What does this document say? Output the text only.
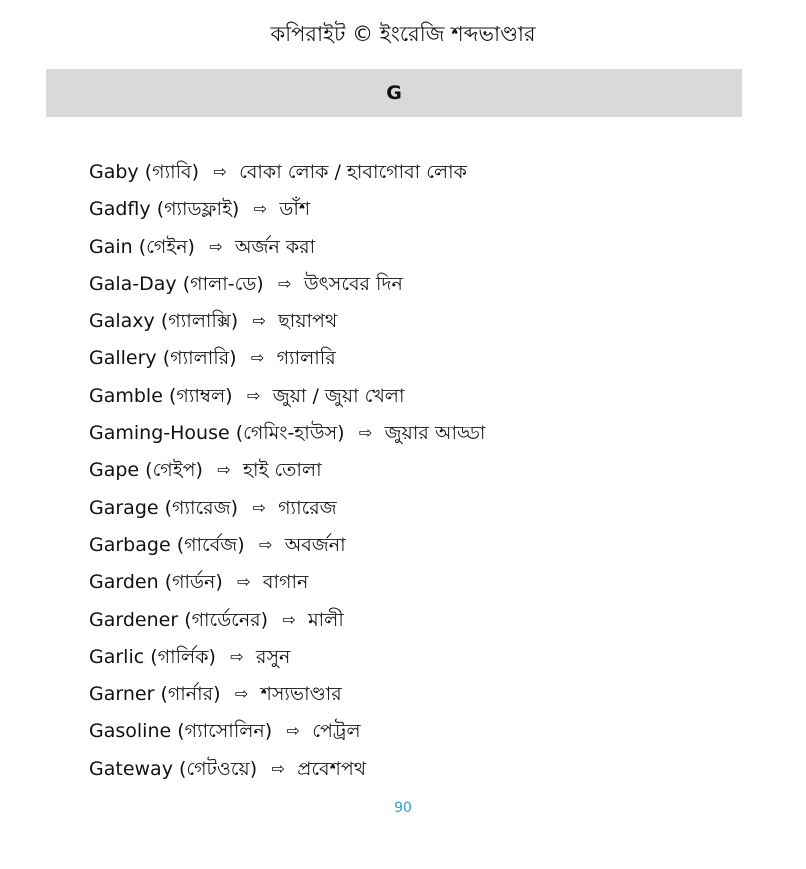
কপিরাইট © ইংরেজি শব্দভাণ্ডার
G
Gaby (গ্যাবি) ⇨ বোকা লোক / হাবাগোবা লোক
Gadfly (গ্যাডফ্লাই) ⇨ ডাঁশ
Gain (গেইন) ⇨ অর্জন করা
Gala-Day (গালা-ডে) ⇨ উৎসবের দিন
Galaxy (গ্যালাক্সি) ⇨ ছায়াপথ
Gallery (গ্যালারি) ⇨ গ্যালারি
Gamble (গ্যাম্বল) ⇨ জুয়া / জুয়া খেলা
Gaming-House (গেমিং-হাউস) ⇨ জুয়ার আড্ডা
Gape (গেইপ) ⇨ হাই তোলা
Garage (গ্যারেজ) ⇨ গ্যারেজ
Garbage (গার্বেজ) ⇨ অবর্জনা
Garden (গার্ডন) ⇨ বাগান
Gardener (গার্ডেনের) ⇨ মালী
Garlic (গার্লিক) ⇨ রসুন
Garner (গার্নার) ⇨ শস্যভাণ্ডার
Gasoline (গ্যাসোলিন) ⇨ পেট্রল
Gateway (গেটওয়ে) ⇨ প্রবেশপথ
90
